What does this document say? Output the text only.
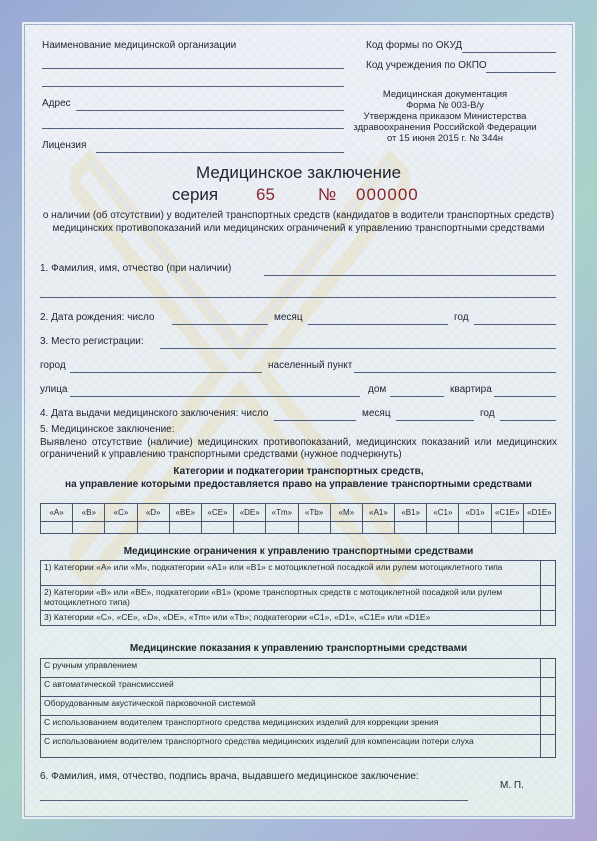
Наименование медицинской организации
Адрес
Лицензия
Код формы по ОКУД
Код учреждения по ОКПО
Медицинская документация
Форма № 003-В/у
Утверждена приказом Министерства
здравоохранения Российской Федерации
от 15 июня 2015 г. № 344н
Медицинское заключение
серия 65	№ 000000
о наличии (об отсутствии) у водителей транспортных средств (кандидатов в водители транспортных средств)
медицинских противопоказаний или медицинских ограничений к управлению транспортными средствами
1. Фамилия, имя, отчество (при наличии)
2. Дата рождения: число	месяц	год
3. Место регистрации:
город	населенный пункт
улица	дом	квартира
4. Дата выдачи медицинского заключения: число	месяц	год
5. Медицинское заключение:
Выявлено отсутствие (наличие) медицинских противопоказаний, медицинских показаний или медицинских ограничений к управлению транспортными средствами (нужное подчеркнуть)
Категории и подкатегории транспортных средств,
на управление которыми предоставляется право на управление транспортными средствами
«A»	«B»	«C»	«D»	«BE»	«CE»	«DE»	«Tm»	«Tb»	«M»	«A1»	«B1»	«C1»	«D1»	«C1E»	«D1E»

Медицинские ограничения к управлению транспортными средствами
1) Категории «A» или «M», подкатегории «A1» или «B1» с мотоциклетной посадкой или рулем мотоциклетного типа	
2) Категории «B» или «BE», подкатегории «B1» (кроме транспортных средств с мотоциклетной посадкой или рулем мотоциклетного типа)	
3) Категории «C», «CE», «D», «DE», «Tm» или «Tb»; подкатегории «C1», «D1», «C1E» или «D1E»	
Медицинские показания к управлению транспортными средствами
С ручным управлением	
С автоматической трансмиссией	
Оборудованным акустической парковочной системой	
С использованием водителем транспортного средства медицинских изделий для коррекции зрения	
С использованием водителем транспортного средства медицинских изделий для компенсации потери слуха	
6. Фамилия, имя, отчество, подпись врача, выдавшего медицинское заключение:
М. П.
